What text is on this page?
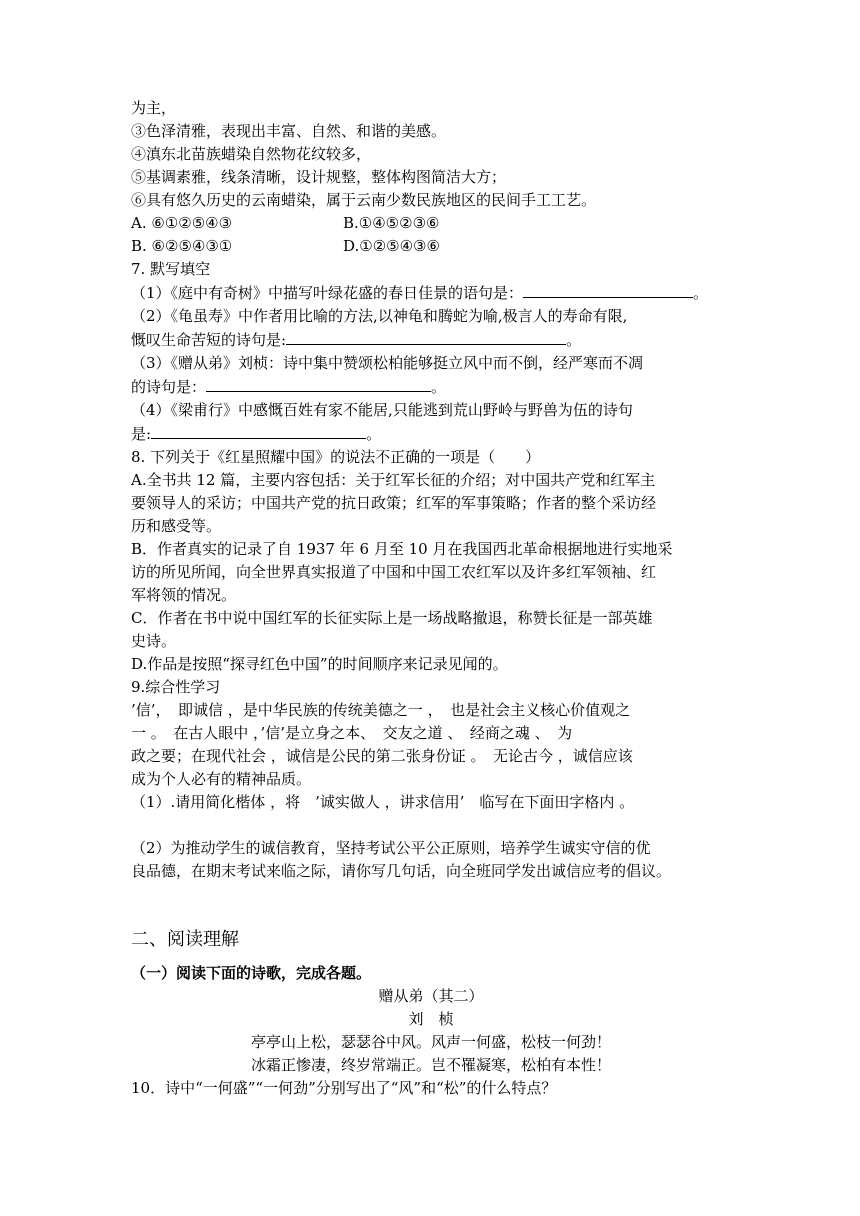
为主，
③色泽清雅，表现出丰富、自然、和谐的美感。
④滇东北苗族蜡染自然物花纹较多，
⑤基调素雅，线条清晰，设计规整，整体构图简洁大方；
⑥具有悠久历史的云南蜡染，属于云南少数民族地区的民间手工工艺。
A. ⑥①②⑤④③	B.①④⑤②③⑥
B. ⑥②⑤④③①	D.①②⑤④③⑥
7. 默写填空
（1）《庭中有奇树》中描写叶绿花盛的春日佳景的语句是：	。
（2）《龟虽寿》中作者用比喻的方法,以神龟和腾蛇为喻,极言人的寿命有限,
慨叹生命苦短的诗句是:	。
（3）《赠从弟》刘桢：诗中集中赞颂松柏能够挺立风中而不倒，经严寒而不凋
的诗句是：	。
（4）《梁甫行》中感慨百姓有家不能居,只能逃到荒山野岭与野兽为伍的诗句
是:	。
8. 下列关于《红星照耀中国》的说法不正确的一项是（　　）
A.全书共 12 篇，主要内容包括：关于红军长征的介绍；对中国共产党和红军主
要领导人的采访；中国共产党的抗日政策；红军的军事策略；作者的整个采访经
历和感受等。
B．作者真实的记录了自 1937 年 6 月至 10 月在我国西北革命根据地进行实地采
访的所见所闻，向全世界真实报道了中国和中国工农红军以及许多红军领袖、红
军将领的情况。
C．作者在书中说中国红军的长征实际上是一场战略撤退，称赞长征是一部英雄
史诗。
D.作品是按照“探寻红色中国”的时间顺序来记录见闻的。
9.综合性学习
’信’，　即诚信 ，是中华民族的传统美德之一 ，　也是社会主义核心价值观之
一 。　在古人眼中 ，’信’是立身之本、　交友之道 、　经商之魂 、　为
政之要；在现代社会 ，诚信是公民的第二张身份证 。　无论古今 ，诚信应该
成为个人必有的精神品质。
（1）.请用简化楷体 ，将　’诚实做人 ，讲求信用’　临写在下面田字格内 。
（2）为推动学生的诚信教育，坚持考试公平公正原则，培养学生诚实守信的优
良品德，在期末考试来临之际，请你写几句话，向全班同学发出诚信应考的倡议。
二、阅读理解
（一）阅读下面的诗歌，完成各题。
赠从弟（其二）
刘　桢
亭亭山上松，瑟瑟谷中风。风声一何盛，松枝一何劲！
冰霜正惨凄，终岁常端正。岂不罹凝寒，松柏有本性！
10．诗中“一何盛”“一何劲”分别写出了“风”和“松”的什么特点？
